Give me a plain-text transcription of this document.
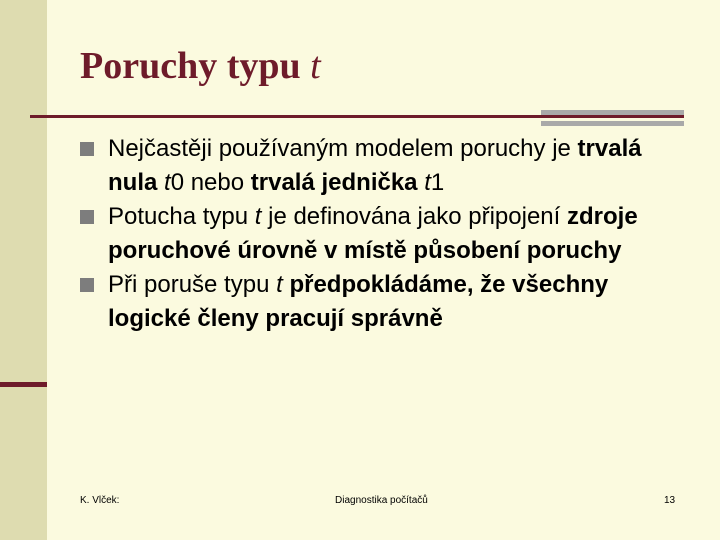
Poruchy typu t
Nejčastěji používaným modelem poruchy je trvalá nula t0 nebo trvalá jednička t1
Potucha typu t je definována jako připojení zdroje poruchové úrovně v místě působení poruchy
Při poruše typu t předpokládáme, že všechny logické členy pracují správně
K. Vlček:	Diagnostika počítačů	13
